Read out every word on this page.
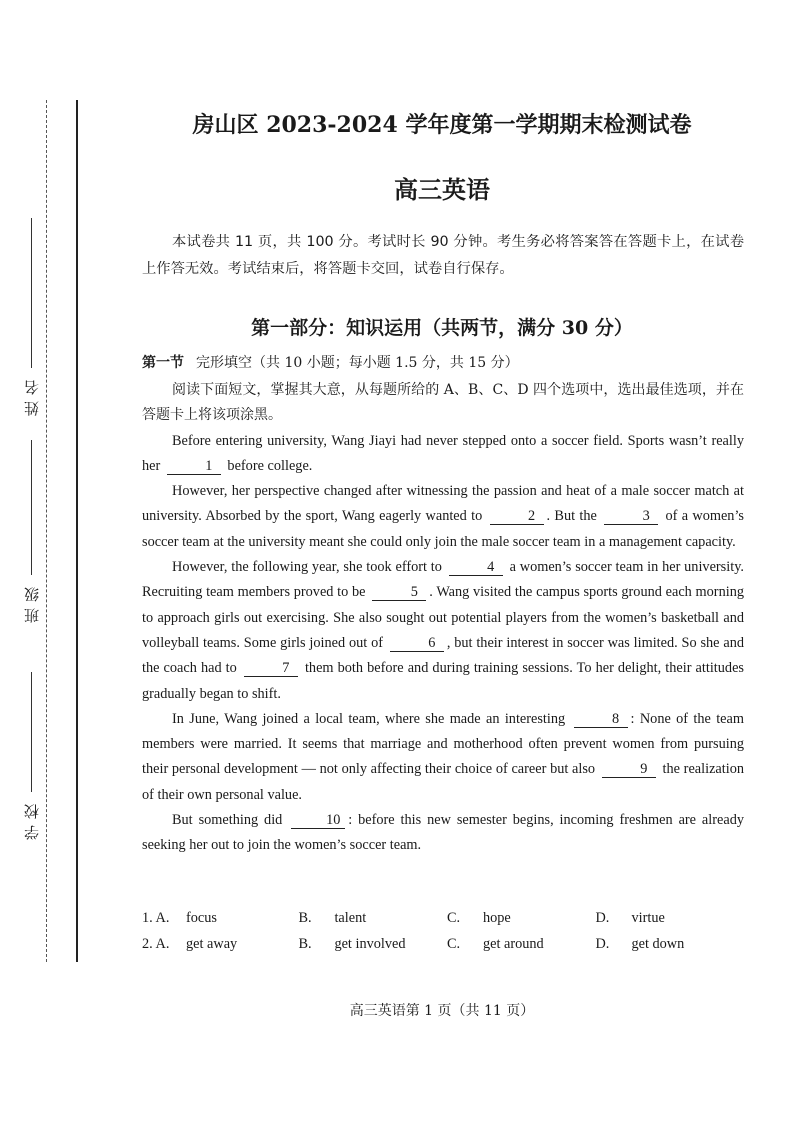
姓名
班级
学校
房山区 2023-2024 学年度第一学期期末检测试卷
高三英语
本试卷共 11 页，共 100 分。考试时长 90 分钟。考生务必将答案答在答题卡上，在试卷上作答无效。考试结束后，将答题卡交回，试卷自行保存。
第一部分：知识运用（共两节，满分 30 分）
第一节 完形填空（共 10 小题；每小题 1.5 分，共 15 分）

阅读下面短文，掌握其大意，从每题所给的 A、B、C、D 四个选项中，选出最佳选项，并在答题卡上将该项涂黑。

Before entering university, Wang Jiayi had never stepped onto a soccer field. Sports wasn’t really her	1 before college.

However, her perspective changed after witnessing the passion and heat of a male soccer match at university. Absorbed by the sport, Wang eagerly wanted to	2 . But the	3 of a women’s soccer team at the university meant she could only join the male soccer team in a management capacity.

However, the following year, she took effort to	4 a women’s soccer team in her university. Recruiting team members proved to be	5 . Wang visited the campus sports ground each morning to approach girls out exercising. She also sought out potential players from the women’s basketball and volleyball teams. Some girls joined out of	6 , but their interest in soccer was limited. So she and the coach had to	7 them both before and during training sessions. To her delight, their attitudes gradually began to shift.

In June, Wang joined a local team, where she made an interesting	8 : None of the team members were married. It seems that marriage and motherhood often prevent women from pursuing their personal development — not only affecting their choice of career but also	9 the realization of their own personal value.

But something did	10 : before this new semester begins, incoming freshmen are already seeking her out to join the women’s soccer team.

1. A.	focus	B.	talent	C.	hope	D.	virtue
2. A.	get away	B.	get involved	C.	get around	D.	get down
高三英语第 1 页（共 11 页）
